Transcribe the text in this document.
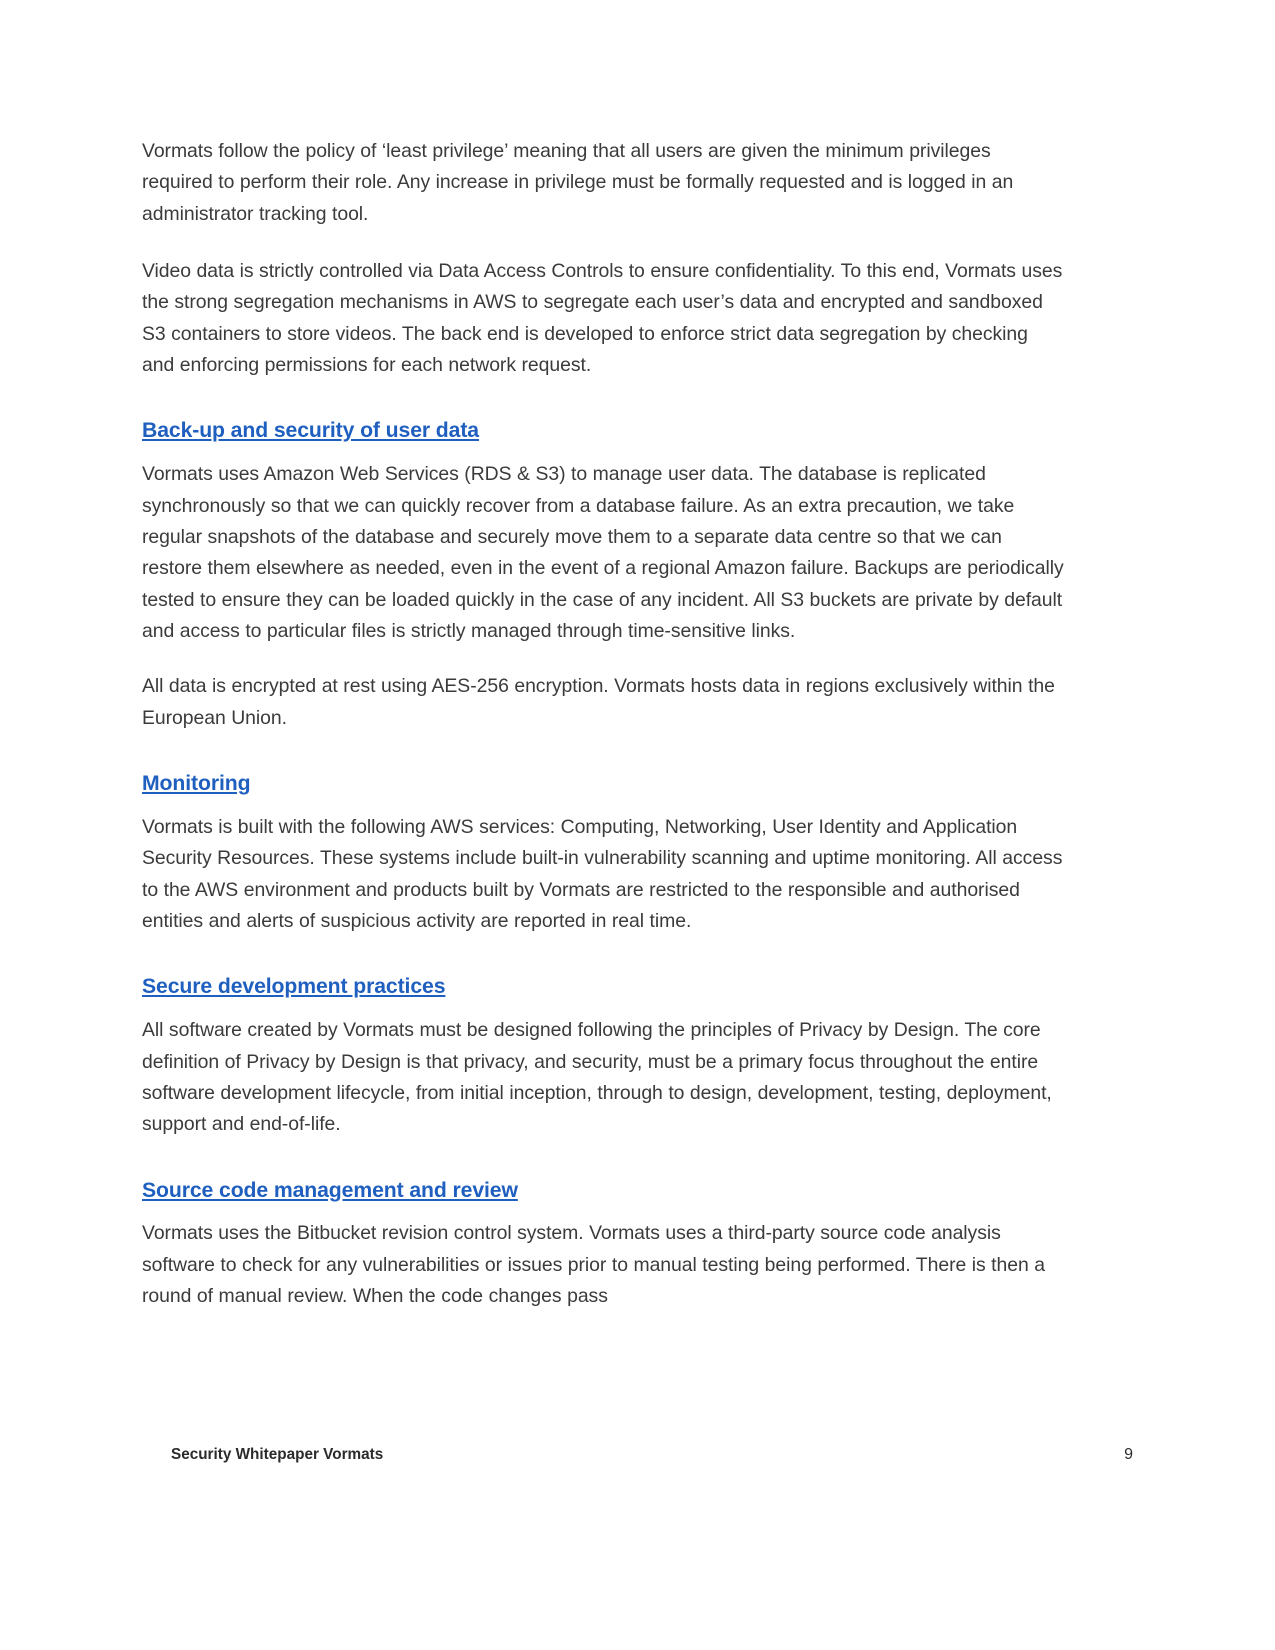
Vormats follow the policy of ‘least privilege’ meaning that all users are given the minimum privileges required to perform their role. Any increase in privilege must be formally requested and is logged in an administrator tracking tool.

Video data is strictly controlled via Data Access Controls to ensure confidentiality. To this end, Vormats uses the strong segregation mechanisms in AWS to segregate each user’s data and encrypted and sandboxed S3 containers to store videos. The back end is developed to enforce strict data segregation by checking and enforcing permissions for each network request.

Back-up and security of user data

Vormats uses Amazon Web Services (RDS & S3) to manage user data. The database is replicated synchronously so that we can quickly recover from a database failure. As an extra precaution, we take regular snapshots of the database and securely move them to a separate data centre so that we can restore them elsewhere as needed, even in the event of a regional Amazon failure. Backups are periodically tested to ensure they can be loaded quickly in the case of any incident. All S3 buckets are private by default and access to particular files is strictly managed through time-sensitive links.

All data is encrypted at rest using AES-256 encryption. Vormats hosts data in regions exclusively within the European Union.

Monitoring

Vormats is built with the following AWS services: Computing, Networking, User Identity and Application Security Resources. These systems include built-in vulnerability scanning and uptime monitoring. All access to the AWS environment and products built by Vormats are restricted to the responsible and authorised entities and alerts of suspicious activity are reported in real time.

Secure development practices

All software created by Vormats must be designed following the principles of Privacy by Design. The core definition of Privacy by Design is that privacy, and security, must be a primary focus throughout the entire software development lifecycle, from initial inception, through to design, development, testing, deployment, support and end-of-life.

Source code management and review

Vormats uses the Bitbucket revision control system. Vormats uses a third-party source code analysis software to check for any vulnerabilities or issues prior to manual testing being performed. There is then a round of manual review. When the code changes pass

Security Whitepaper Vormats	9
